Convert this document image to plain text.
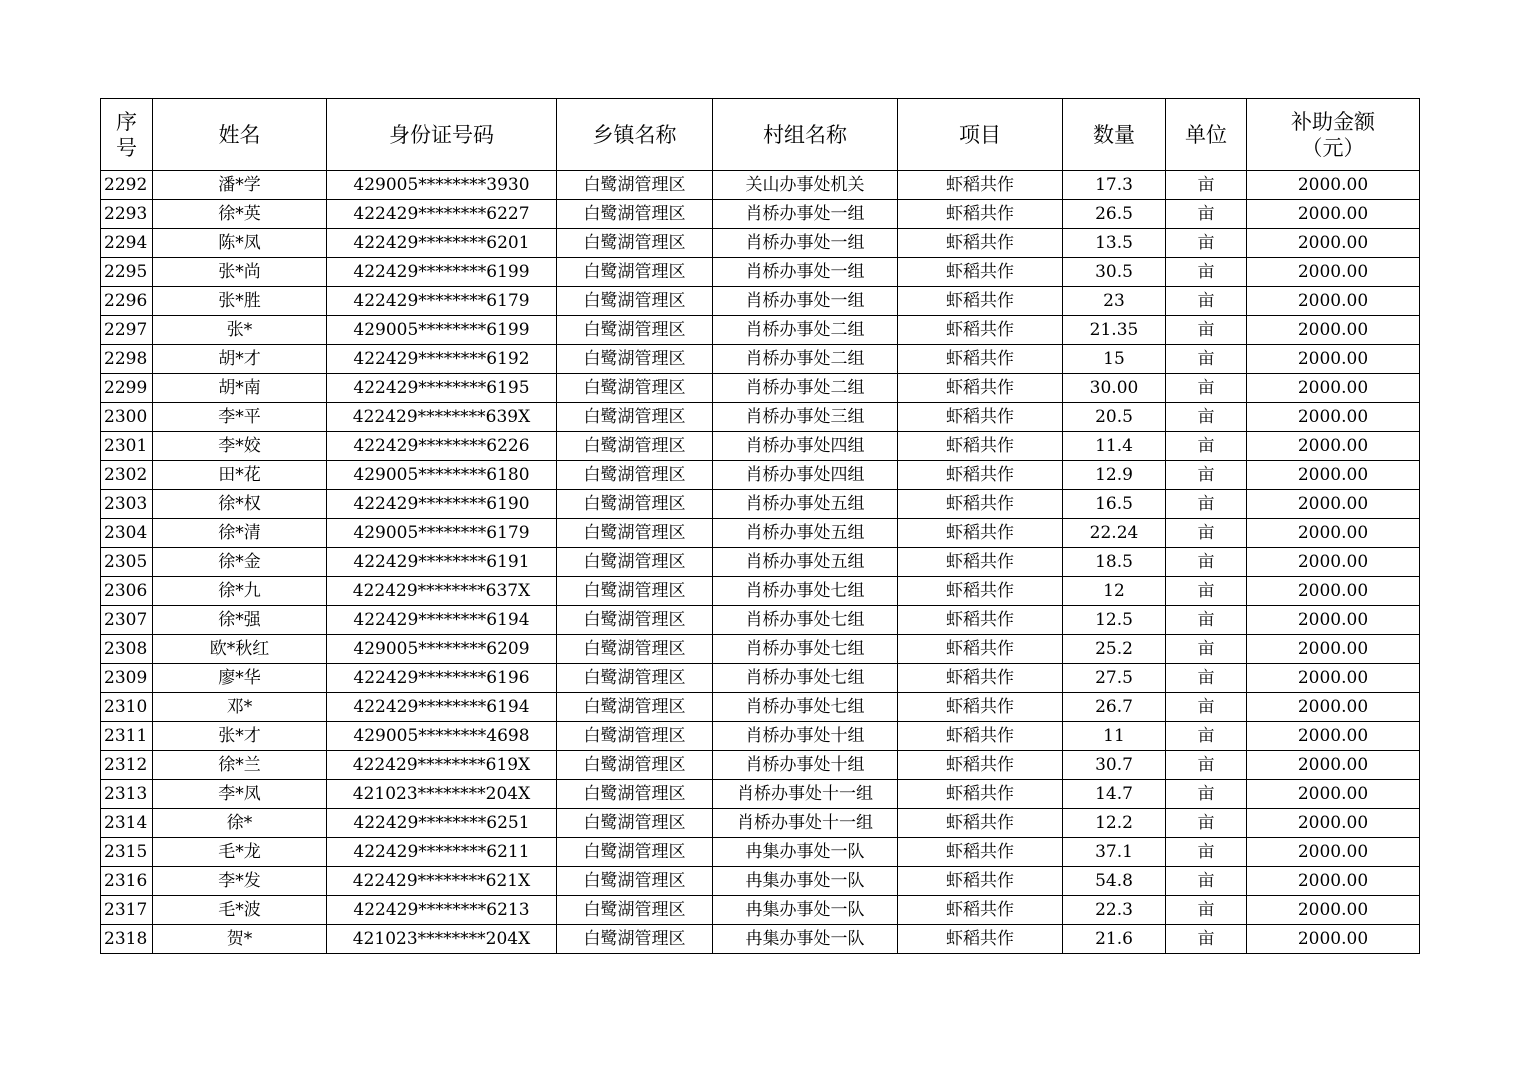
序
号	姓名	身份证号码	乡镇名称	村组名称	项目	数量	单位	补助金额
（元）

2292	潘*学	429005********3930	白鹭湖管理区	关山办事处机关	虾稻共作	17.3	亩	2000.00
2293	徐*英	422429********6227	白鹭湖管理区	肖桥办事处一组	虾稻共作	26.5	亩	2000.00
2294	陈*凤	422429********6201	白鹭湖管理区	肖桥办事处一组	虾稻共作	13.5	亩	2000.00
2295	张*尚	422429********6199	白鹭湖管理区	肖桥办事处一组	虾稻共作	30.5	亩	2000.00
2296	张*胜	422429********6179	白鹭湖管理区	肖桥办事处一组	虾稻共作	23	亩	2000.00
2297	张*	429005********6199	白鹭湖管理区	肖桥办事处二组	虾稻共作	21.35	亩	2000.00
2298	胡*才	422429********6192	白鹭湖管理区	肖桥办事处二组	虾稻共作	15	亩	2000.00
2299	胡*南	422429********6195	白鹭湖管理区	肖桥办事处二组	虾稻共作	30.00	亩	2000.00
2300	李*平	422429********639X	白鹭湖管理区	肖桥办事处三组	虾稻共作	20.5	亩	2000.00
2301	李*姣	422429********6226	白鹭湖管理区	肖桥办事处四组	虾稻共作	11.4	亩	2000.00
2302	田*花	429005********6180	白鹭湖管理区	肖桥办事处四组	虾稻共作	12.9	亩	2000.00
2303	徐*权	422429********6190	白鹭湖管理区	肖桥办事处五组	虾稻共作	16.5	亩	2000.00
2304	徐*清	429005********6179	白鹭湖管理区	肖桥办事处五组	虾稻共作	22.24	亩	2000.00
2305	徐*金	422429********6191	白鹭湖管理区	肖桥办事处五组	虾稻共作	18.5	亩	2000.00
2306	徐*九	422429********637X	白鹭湖管理区	肖桥办事处七组	虾稻共作	12	亩	2000.00
2307	徐*强	422429********6194	白鹭湖管理区	肖桥办事处七组	虾稻共作	12.5	亩	2000.00
2308	欧*秋红	429005********6209	白鹭湖管理区	肖桥办事处七组	虾稻共作	25.2	亩	2000.00
2309	廖*华	422429********6196	白鹭湖管理区	肖桥办事处七组	虾稻共作	27.5	亩	2000.00
2310	邓*	422429********6194	白鹭湖管理区	肖桥办事处七组	虾稻共作	26.7	亩	2000.00
2311	张*才	429005********4698	白鹭湖管理区	肖桥办事处十组	虾稻共作	11	亩	2000.00
2312	徐*兰	422429********619X	白鹭湖管理区	肖桥办事处十组	虾稻共作	30.7	亩	2000.00
2313	李*凤	421023********204X	白鹭湖管理区	肖桥办事处十一组	虾稻共作	14.7	亩	2000.00
2314	徐*	422429********6251	白鹭湖管理区	肖桥办事处十一组	虾稻共作	12.2	亩	2000.00
2315	毛*龙	422429********6211	白鹭湖管理区	冉集办事处一队	虾稻共作	37.1	亩	2000.00
2316	李*发	422429********621X	白鹭湖管理区	冉集办事处一队	虾稻共作	54.8	亩	2000.00
2317	毛*波	422429********6213	白鹭湖管理区	冉集办事处一队	虾稻共作	22.3	亩	2000.00
2318	贺*	421023********204X	白鹭湖管理区	冉集办事处一队	虾稻共作	21.6	亩	2000.00
